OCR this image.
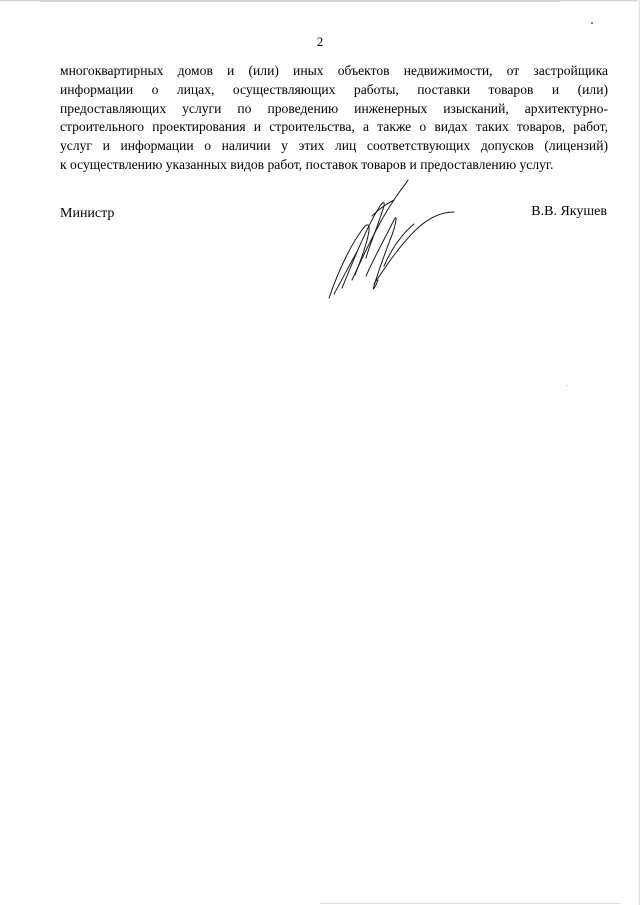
2
многоквартирных домов и (или) иных объектов недвижимости, от застройщика
информации о лицах, осуществляющих работы, поставки товаров и (или)
предоставляющих услуги по проведению инженерных изысканий, архитектурно-
строительного проектирования и строительства, а также о видах таких товаров, работ,
услуг и информации о наличии у этих лиц соответствующих допусков (лицензий)
к осуществлению указанных видов работ, поставок товаров и предоставлению услуг.
Министр	В.В. Якушев
